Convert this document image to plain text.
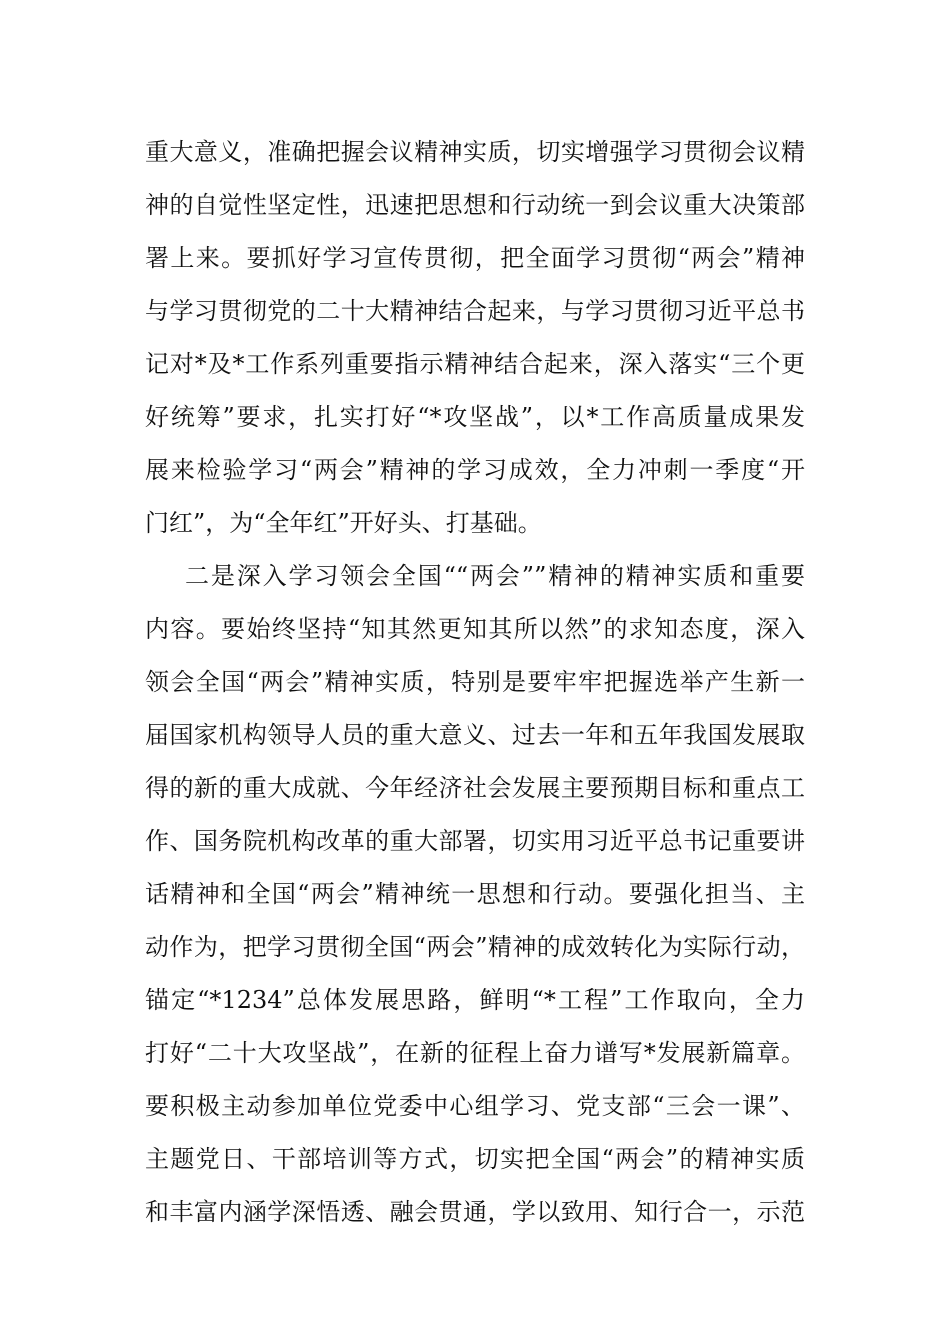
重大意义，准确把握会议精神实质，切实增强学习贯彻会议精
神的自觉性坚定性，迅速把思想和行动统一到会议重大决策部
署上来。要抓好学习宣传贯彻，把全面学习贯彻“两会”精神
与学习贯彻党的二十大精神结合起来，与学习贯彻习近平总书
记对*及*工作系列重要指示精神结合起来，深入落实“三个更
好统筹”要求，扎实打好“*攻坚战”，以*工作高质量成果发
展来检验学习“两会”精神的学习成效，全力冲刺一季度“开
门红”，为“全年红”开好头、打基础。
二是深入学习领会全国““两会””精神的精神实质和重要
内容。要始终坚持“知其然更知其所以然”的求知态度，深入
领会全国“两会”精神实质，特别是要牢牢把握选举产生新一
届国家机构领导人员的重大意义、过去一年和五年我国发展取
得的新的重大成就、今年经济社会发展主要预期目标和重点工
作、国务院机构改革的重大部署，切实用习近平总书记重要讲
话精神和全国“两会”精神统一思想和行动。要强化担当、主
动作为，把学习贯彻全国“两会”精神的成效转化为实际行动，
锚定“*1234”总体发展思路，鲜明“*工程”工作取向，全力
打好“二十大攻坚战”，在新的征程上奋力谱写*发展新篇章。
要积极主动参加单位党委中心组学习、党支部“三会一课”、
主题党日、干部培训等方式，切实把全国“两会”的精神实质
和丰富内涵学深悟透、融会贯通，学以致用、知行合一，示范
